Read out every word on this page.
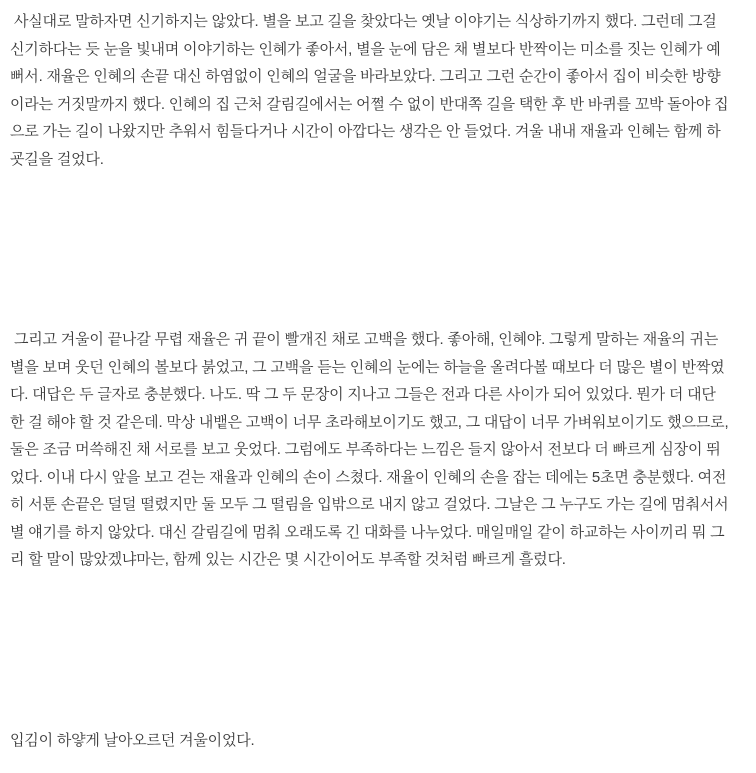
사실대로 말하자면 신기하지는 않았다. 별을 보고 길을 찾았다는 옛날 이야기는 식상하기까지 했다. 그런데 그걸
신기하다는 듯 눈을 빛내며 이야기하는 인혜가 좋아서, 별을 눈에 담은 채 별보다 반짝이는 미소를 짓는 인혜가 예
뻐서. 재율은 인혜의 손끝 대신 하염없이 인혜의 얼굴을 바라보았다. 그리고 그런 순간이 좋아서 집이 비슷한 방향
이라는 거짓말까지 했다. 인혜의 집 근처 갈림길에서는 어쩔 수 없이 반대쪽 길을 택한 후 반 바퀴를 꼬박 돌아야 집
으로 가는 길이 나왔지만 추워서 힘들다거나 시간이 아깝다는 생각은 안 들었다. 겨울 내내 재율과 인혜는 함께 하
굣길을 걸었다.
그리고 겨울이 끝나갈 무렵 재율은 귀 끝이 빨개진 채로 고백을 했다. 좋아해, 인혜야. 그렇게 말하는 재율의 귀는
별을 보며 웃던 인혜의 볼보다 붉었고, 그 고백을 듣는 인혜의 눈에는 하늘을 올려다볼 때보다 더 많은 별이 반짝였
다. 대답은 두 글자로 충분했다. 나도. 딱 그 두 문장이 지나고 그들은 전과 다른 사이가 되어 있었다. 뭔가 더 대단
한 걸 해야 할 것 같은데. 막상 내뱉은 고백이 너무 초라해보이기도 했고, 그 대답이 너무 가벼워보이기도 했으므로,
둘은 조금 머쓱해진 채 서로를 보고 웃었다. 그럼에도 부족하다는 느낌은 들지 않아서 전보다 더 빠르게 심장이 뛰
었다. 이내 다시 앞을 보고 걷는 재율과 인혜의 손이 스쳤다. 재율이 인혜의 손을 잡는 데에는 5초면 충분했다. 여전
히 서툰 손끝은 덜덜 떨렸지만 둘 모두 그 떨림을 입밖으로 내지 않고 걸었다. 그날은 그 누구도 가는 길에 멈춰서서
별 얘기를 하지 않았다. 대신 갈림길에 멈춰 오래도록 긴 대화를 나누었다. 매일매일 같이 하교하는 사이끼리 뭐 그
리 할 말이 많았겠냐마는, 함께 있는 시간은 몇 시간이어도 부족할 것처럼 빠르게 흘렀다.
입김이 하얗게 날아오르던 겨울이었다.
